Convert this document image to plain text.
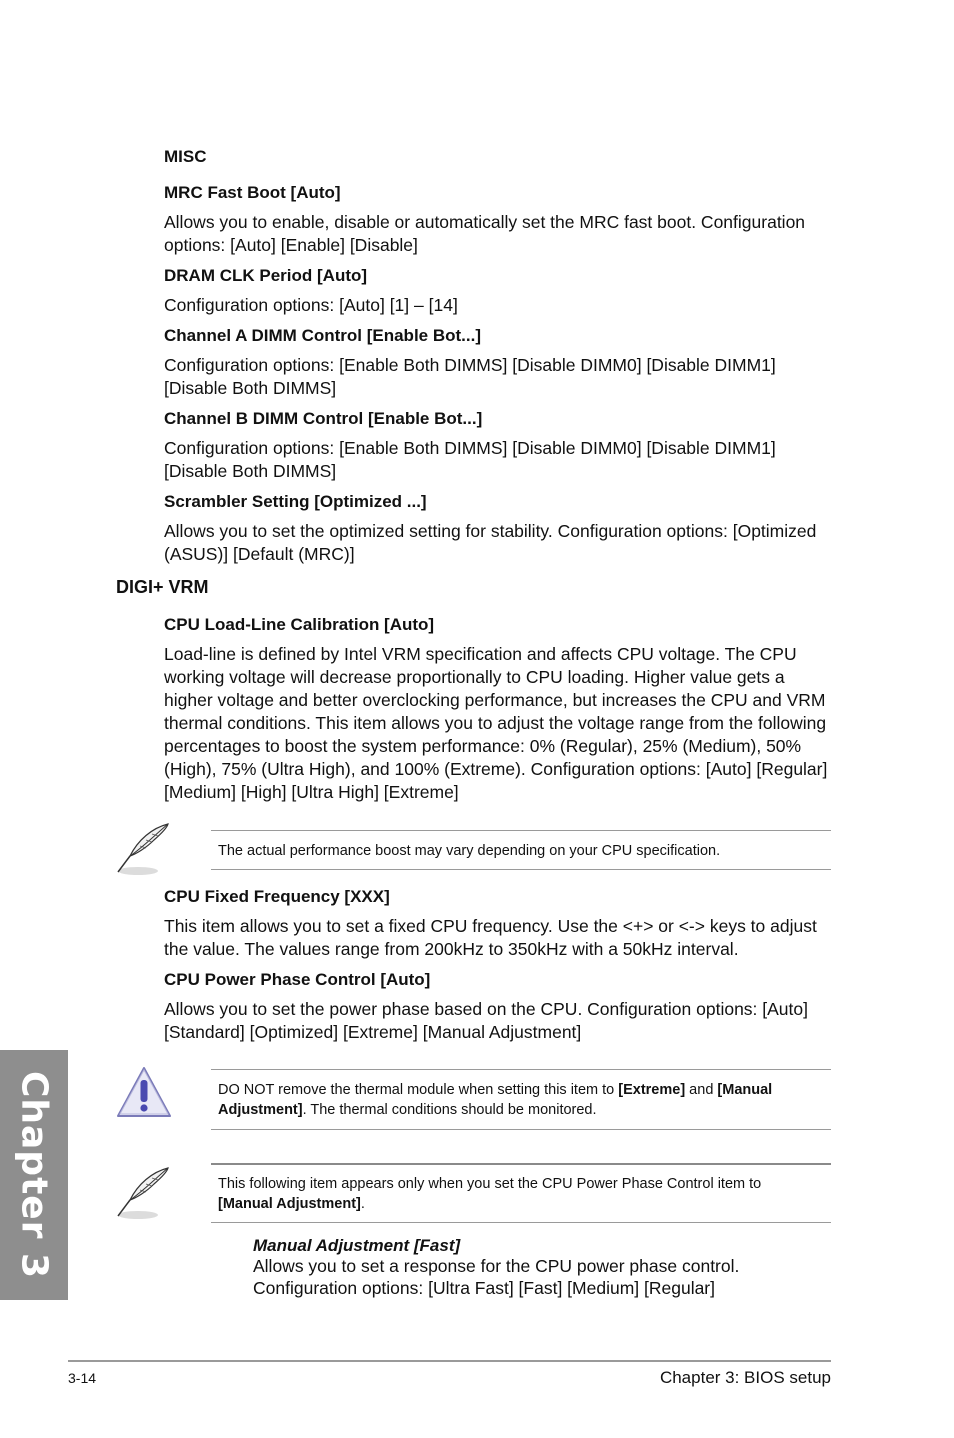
MISC
MRC Fast Boot [Auto]
Allows you to enable, disable or automatically set the MRC fast boot. Configuration options: [Auto] [Enable] [Disable]
DRAM CLK Period [Auto]
Configuration options: [Auto] [1] – [14]
Channel A DIMM Control [Enable Bot...]
Configuration options: [Enable Both DIMMS] [Disable DIMM0] [Disable DIMM1] [Disable Both DIMMS]
Channel B DIMM Control [Enable Bot...]
Configuration options: [Enable Both DIMMS] [Disable DIMM0] [Disable DIMM1] [Disable Both DIMMS]
Scrambler Setting [Optimized ...]
Allows you to set the optimized setting for stability. Configuration options: [Optimized (ASUS)] [Default (MRC)]
DIGI+ VRM
CPU Load-Line Calibration [Auto]
Load-line is defined by Intel VRM specification and affects CPU voltage. The CPU working voltage will decrease proportionally to CPU loading. Higher value gets a higher voltage and better overclocking performance, but increases the CPU and VRM thermal conditions. This item allows you to adjust the voltage range from the following percentages to boost the system performance: 0% (Regular), 25% (Medium), 50% (High), 75% (Ultra High), and 100% (Extreme). Configuration options: [Auto] [Regular] [Medium] [High] [Ultra High] [Extreme]
The actual performance boost may vary depending on your CPU specification.
CPU Fixed Frequency [XXX]
This item allows you to set a fixed CPU frequency. Use the <+> or <-> keys to adjust the value. The values range from 200kHz to 350kHz with a 50kHz interval.
CPU Power Phase Control [Auto]
Allows you to set the power phase based on the CPU. Configuration options: [Auto] [Standard] [Optimized] [Extreme] [Manual Adjustment]
DO NOT remove the thermal module when setting this item to [Extreme] and [Manual Adjustment]. The thermal conditions should be monitored.
This following item appears only when you set the CPU Power Phase Control item to [Manual Adjustment].
Manual Adjustment [Fast]
Allows you to set a response for the CPU power phase control.
Configuration options: [Ultra Fast] [Fast] [Medium] [Regular]
Chapter 3
3-14	Chapter 3: BIOS setup
